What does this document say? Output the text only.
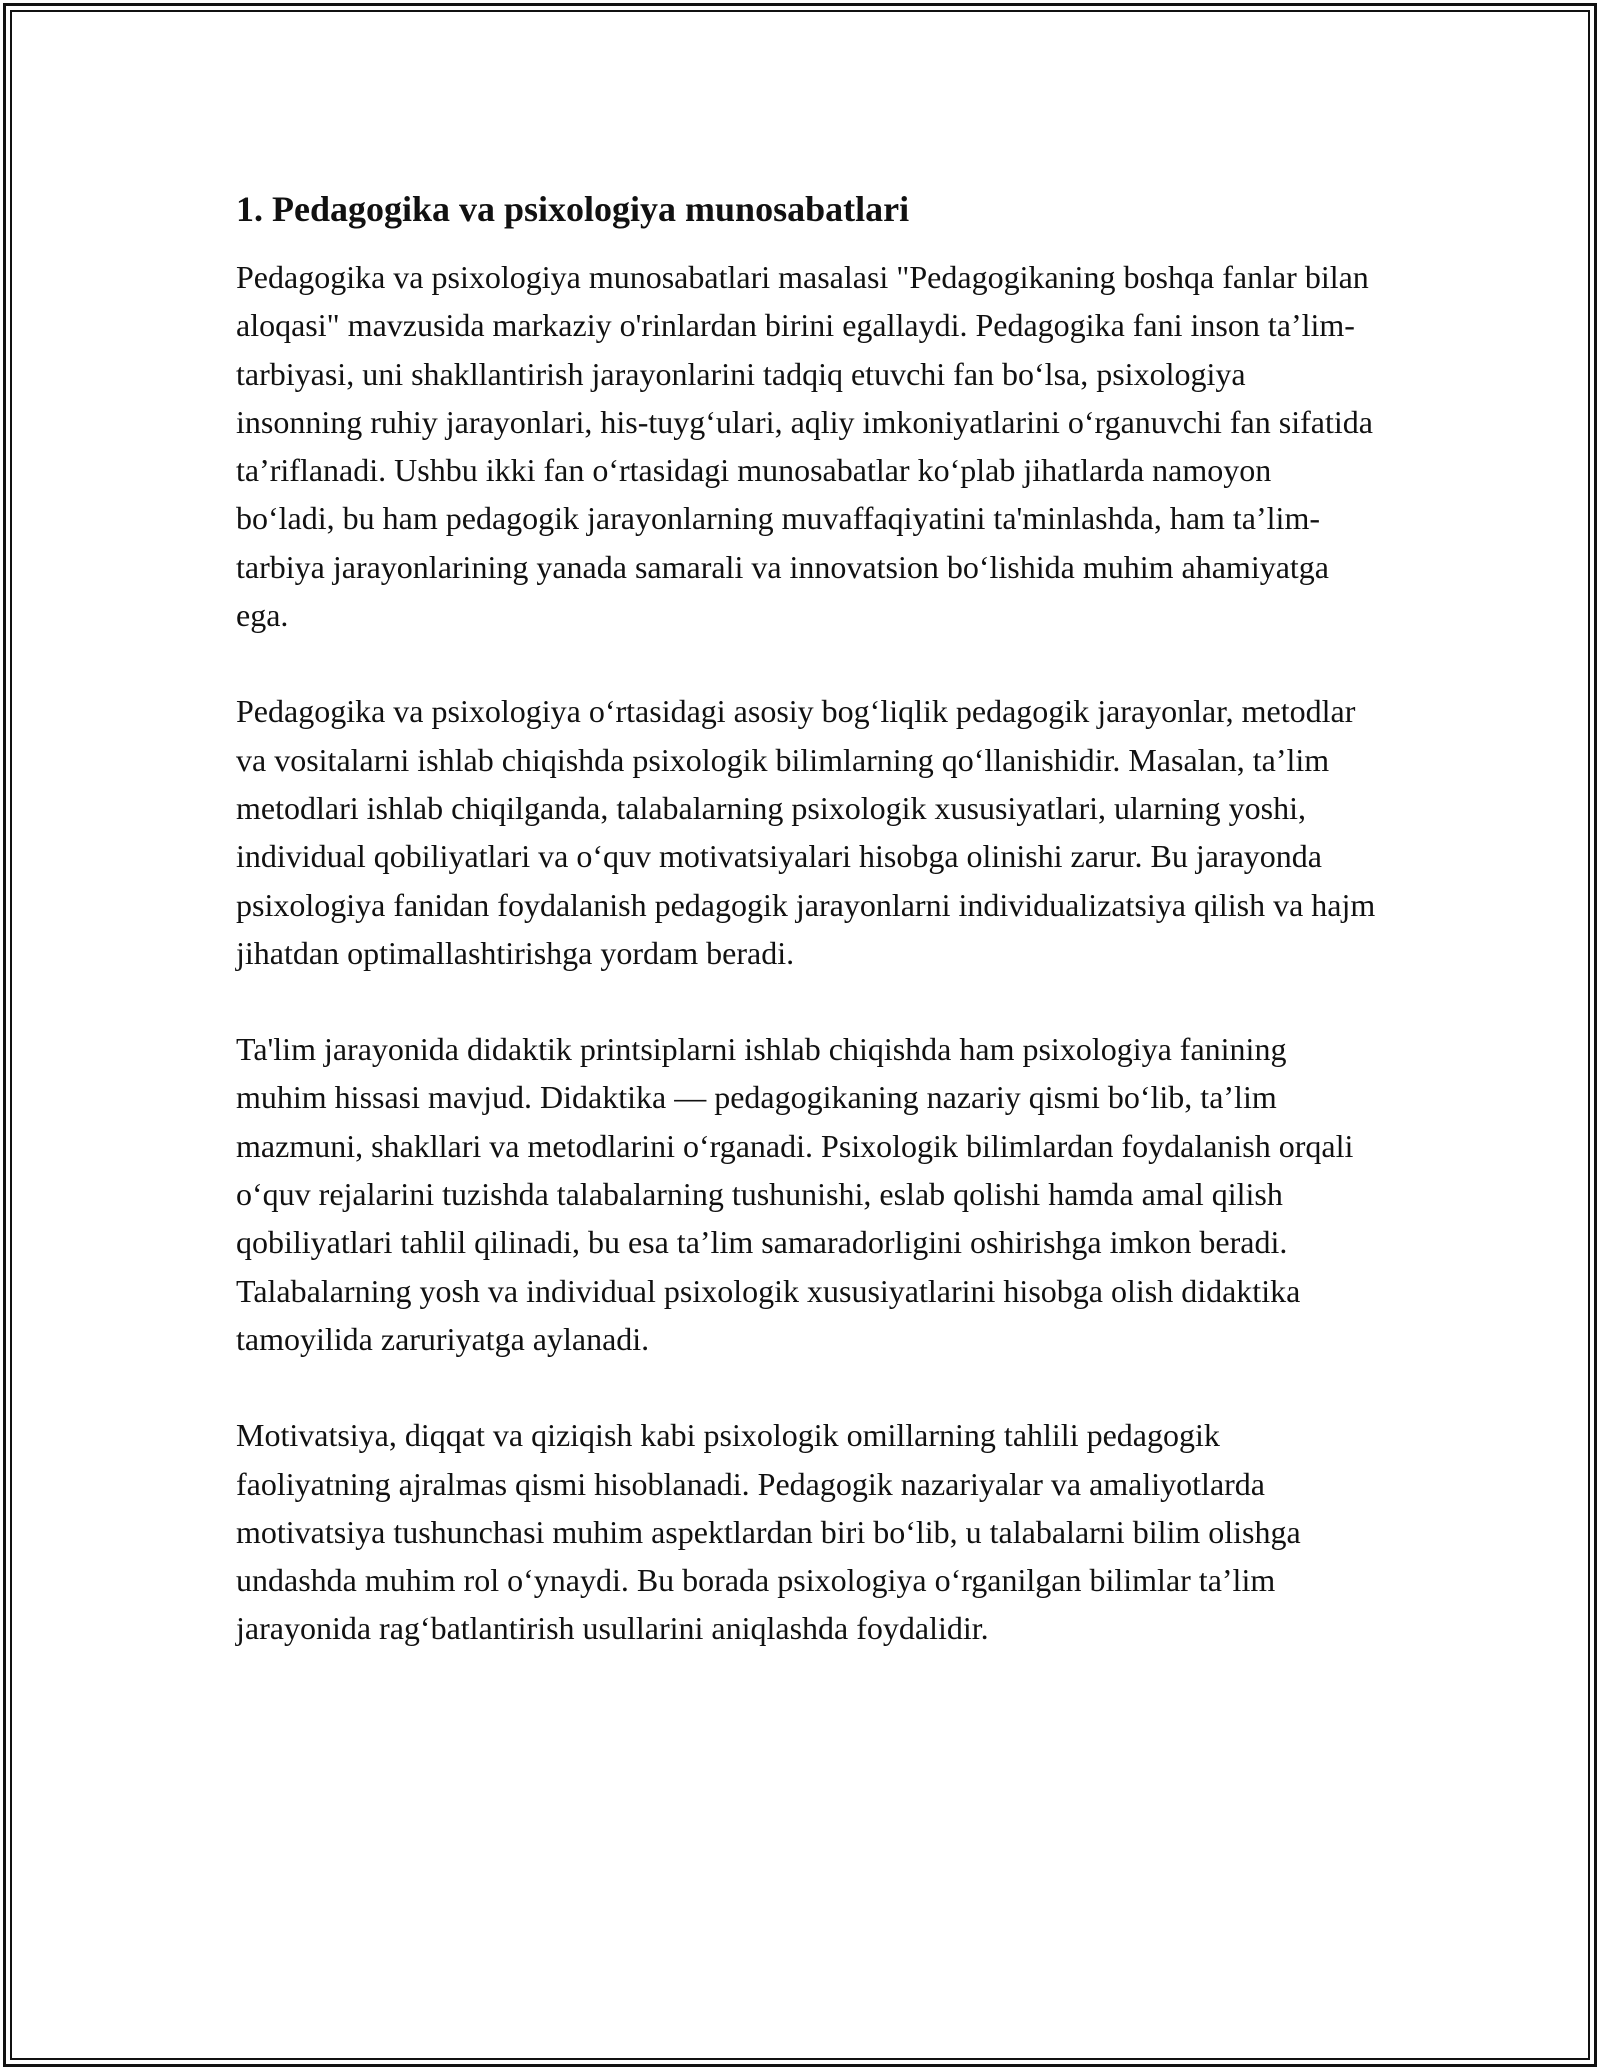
1. Pedagogika va psixologiya munosabatlari

Pedagogika va psixologiya munosabatlari masalasi "Pedagogikaning boshqa fanlar bilan aloqasi" mavzusida markaziy o'rinlardan birini egallaydi. Pedagogika fani inson ta’lim-tarbiyasi, uni shakllantirish jarayonlarini tadqiq etuvchi fan bo‘lsa, psixologiya insonning ruhiy jarayonlari, his-tuyg‘ulari, aqliy imkoniyatlarini o‘rganuvchi fan sifatida ta’riflanadi. Ushbu ikki fan o‘rtasidagi munosabatlar ko‘plab jihatlarda namoyon bo‘ladi, bu ham pedagogik jarayonlarning muvaffaqiyatini ta'minlashda, ham ta’lim-tarbiya jarayonlarining yanada samarali va innovatsion bo‘lishida muhim ahamiyatga ega.

Pedagogika va psixologiya o‘rtasidagi asosiy bog‘liqlik pedagogik jarayonlar, metodlar va vositalarni ishlab chiqishda psixologik bilimlarning qo‘llanishidir. Masalan, ta’lim metodlari ishlab chiqilganda, talabalarning psixologik xususiyatlari, ularning yoshi, individual qobiliyatlari va o‘quv motivatsiyalari hisobga olinishi zarur. Bu jarayonda psixologiya fanidan foydalanish pedagogik jarayonlarni individualizatsiya qilish va hajm jihatdan optimallashtirishga yordam beradi.

Ta'lim jarayonida didaktik printsiplarni ishlab chiqishda ham psixologiya fanining muhim hissasi mavjud. Didaktika — pedagogikaning nazariy qismi bo‘lib, ta’lim mazmuni, shakllari va metodlarini o‘rganadi. Psixologik bilimlardan foydalanish orqali o‘quv rejalarini tuzishda talabalarning tushunishi, eslab qolishi hamda amal qilish qobiliyatlari tahlil qilinadi, bu esa ta’lim samaradorligini oshirishga imkon beradi. Talabalarning yosh va individual psixologik xususiyatlarini hisobga olish didaktika tamoyilida zaruriyatga aylanadi.

Motivatsiya, diqqat va qiziqish kabi psixologik omillarning tahlili pedagogik faoliyatning ajralmas qismi hisoblanadi. Pedagogik nazariyalar va amaliyotlarda motivatsiya tushunchasi muhim aspektlardan biri bo‘lib, u talabalarni bilim olishga undashda muhim rol o‘ynaydi. Bu borada psixologiya o‘rganilgan bilimlar ta’lim jarayonida rag‘batlantirish usullarini aniqlashda foydalidir.
